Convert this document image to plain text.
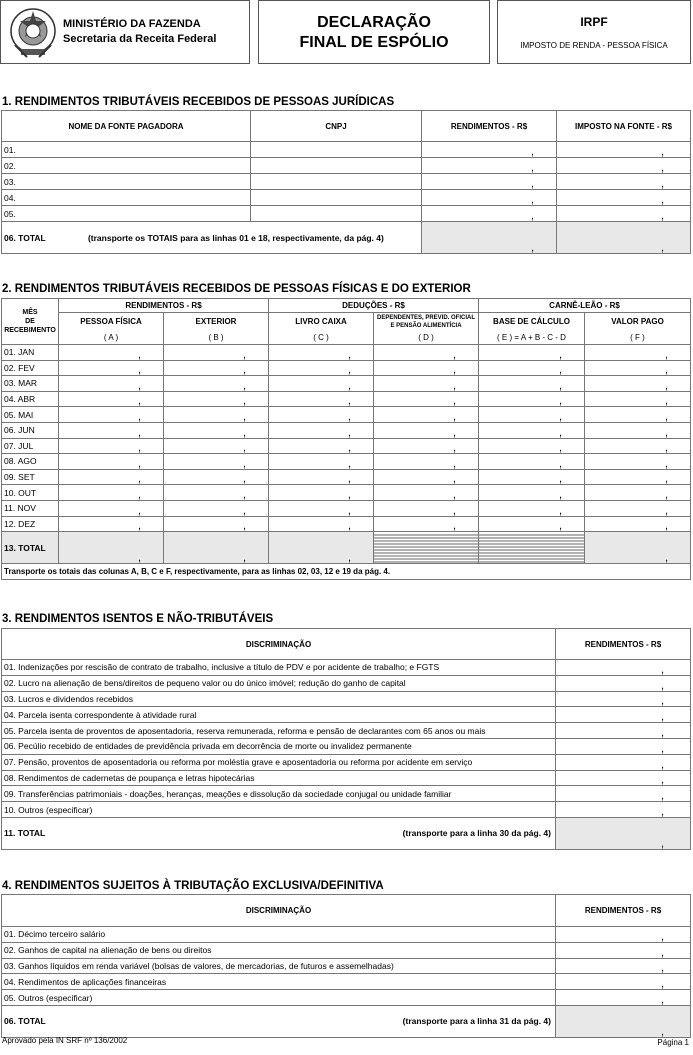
MINISTÉRIO DA FAZENDA
Secretaria da Receita Federal
DECLARAÇÃO
FINAL DE ESPÓLIO
IRPF
IMPOSTO DE RENDA - PESSOA FÍSICA
1. RENDIMENTOS TRIBUTÁVEIS RECEBIDOS DE PESSOAS JURÍDICAS
NOME DA FONTE PAGADORA	CNPJ	RENDIMENTOS - R$	IMPOSTO NA FONTE - R$
01.		,	,
02.		,	,
03.		,	,
04.		,	,
05.		,	,
06. TOTAL (transporte os TOTAIS para as linhas 01 e 18, respectivamente, da pág. 4)		,	,
2. RENDIMENTOS TRIBUTÁVEIS RECEBIDOS DE PESSOAS FÍSICAS E DO EXTERIOR
MÊS
DE
RECEBIMENTO	RENDIMENTOS - R$		DEDUÇÕES - R$		CARNÊ-LEÃO - R$	
	PESSOA FÍSICA	EXTERIOR	LIVRO CAIXA	DEPENDENTES, PREVID. OFICIAL E PENSÃO ALIMENTÍCIA	BASE DE CÁLCULO	VALOR PAGO
	( A )	( B )	( C )	( D )	( E ) = A + B - C - D	( F )
01. JAN	,	,	,	,	,	,
02. FEV	,	,	,	,	,	,
03. MAR	,	,	,	,	,	,
04. ABR	,	,	,	,	,	,
05. MAI	,	,	,	,	,	,
06. JUN	,	,	,	,	,	,
07. JUL	,	,	,	,	,	,
08. AGO	,	,	,	,	,	,
09. SET	,	,	,	,	,	,
10. OUT	,	,	,	,	,	,
11. NOV	,	,	,	,	,	,
12. DEZ	,	,	,	,	,	,
13. TOTAL	,	,	,			,
Transporte os totais das colunas A, B, C e F, respectivamente, para as linhas 02, 03, 12 e 19 da pág. 4.						
3. RENDIMENTOS ISENTOS E NÃO-TRIBUTÁVEIS
DISCRIMINAÇÃO	RENDIMENTOS - R$
01. Indenizações por rescisão de contrato de trabalho, inclusive a título de PDV e por acidente de trabalho; e FGTS	,
02. Lucro na alienação de bens/direitos de pequeno valor ou do único imóvel; redução do ganho de capital	,
03. Lucros e dividendos recebidos	,
04. Parcela isenta correspondente à atividade rural	,
05. Parcela isenta de proventos de aposentadoria, reserva remunerada, reforma e pensão de declarantes com 65 anos ou mais	,
06. Pecúlio recebido de entidades de previdência privada em decorrência de morte ou invalidez permanente	,
07. Pensão, proventos de aposentadoria ou reforma por moléstia grave e aposentadoria ou reforma por acidente em serviço	,
08. Rendimentos de cadernetas de poupança e letras hipotecárias	,
09. Transferências patrimoniais - doações, heranças, meações e dissolução da sociedade conjugal ou unidade familiar	,
10. Outros (especificar)	,
11. TOTAL (transporte para a linha 30 da pág. 4)	,
4. RENDIMENTOS SUJEITOS À TRIBUTAÇÃO EXCLUSIVA/DEFINITIVA
DISCRIMINAÇÃO	RENDIMENTOS - R$
01. Décimo terceiro salário	,
02. Ganhos de capital na alienação de bens ou direitos	,
03. Ganhos líquidos em renda variável (bolsas de valores, de mercadorias, de futuros e assemelhadas)	,
04. Rendimentos de aplicações financeiras	,
05. Outros (especificar)	,
06. TOTAL (transporte para a linha 31 da pág. 4)	,
Aprovado pela IN SRF nº 136/2002	Página 1
